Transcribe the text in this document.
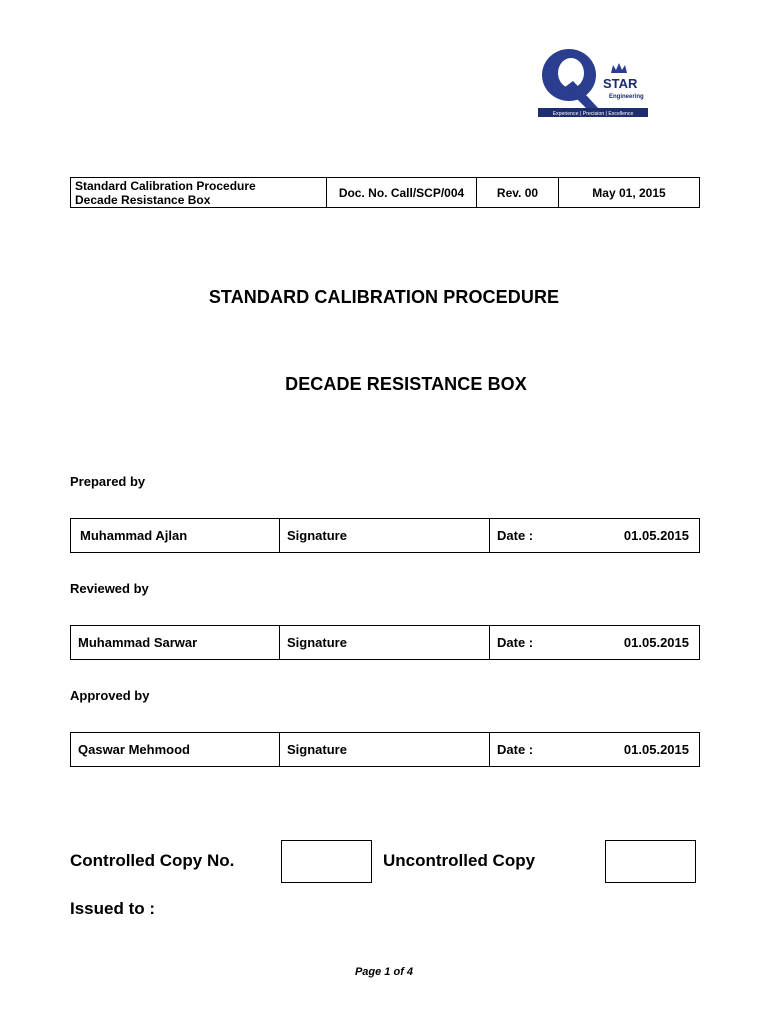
STAR
Engineering
Experience | Precision | Excellence
Standard Calibration Procedure
Decade Resistance Box	Doc. No. Call/SCP/004	Rev. 00	May 01, 2015
STANDARD CALIBRATION PROCEDURE
DECADE RESISTANCE BOX
Prepared by
Muhammad Ajlan	Signature	Date :	01.05.2015
Reviewed by
Muhammad Sarwar	Signature	Date :	01.05.2015
Approved by
Qaswar Mehmood	Signature	Date :	01.05.2015
Controlled Copy No.	Uncontrolled Copy
Issued to :
Page 1 of 4
